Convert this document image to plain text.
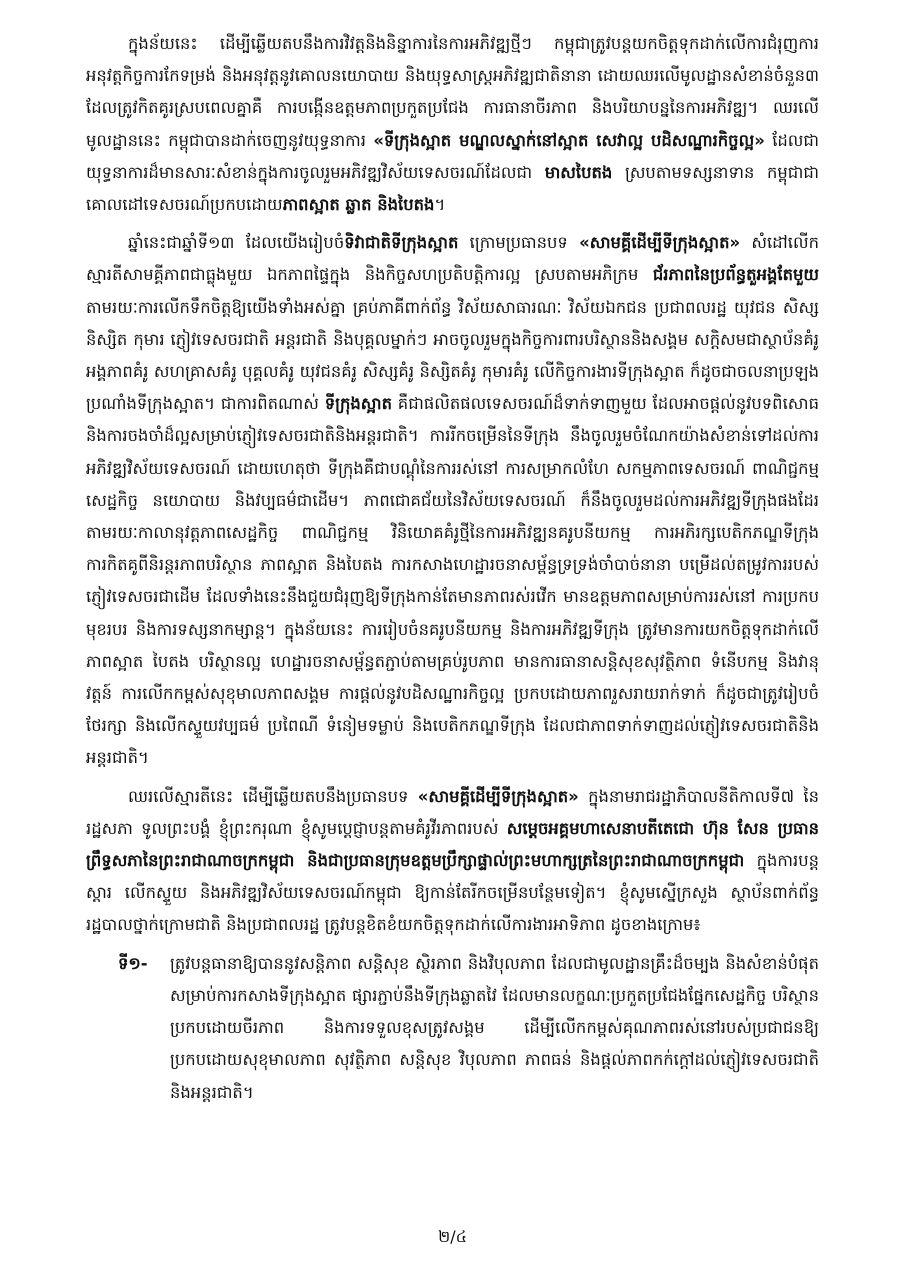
ក្នុងន័យនេះ ដើម្បីឆ្លើយតបនឹងការវិវត្តនិងនិន្នាការនៃការអភិវឌ្ឍថ្មីៗ កម្ពុជាត្រូវបន្តយកចិត្តទុកដាក់លើការជំរុញការអនុវត្តកិច្ចការកែទម្រង់ និងអនុវត្តនូវគោលនយោបាយ និងយុទ្ធសាស្ត្រអភិវឌ្ឍជាតិនានា ដោយឈរលើមូលដ្ឋានសំខាន់ចំនួន៣ ដែលត្រូវកិតគូរស្របពេលគ្នាគឺ ការបង្កើនឧត្តមភាពប្រកួតប្រជែង ការធានាចីរភាព និងបរិយាបន្ននៃការអភិវឌ្ឍ។ ឈរលើមូលដ្ឋាននេះ កម្ពុជាបានដាក់ចេញនូវយុទ្ធនាការ «ទីក្រុងស្អាត មណ្ឌលស្នាក់នៅស្អាត សេវាល្អ បដិសណ្ឋារកិច្ចល្អ» ដែលជាយុទ្ធនាការដ៏មានសារៈសំខាន់ក្នុងការចូលរួមអភិវឌ្ឍវិស័យទេសចរណ៍ដែលជា មាសបៃតង ស្របតាមទស្សនាទាន កម្ពុជាជាគោលដៅទេសចរណ៍ប្រកបដោយភាពស្អាត ឆ្លាត និងបៃតង។

ឆ្នាំនេះជាឆ្នាំទី១៣ ដែលយើងរៀបចំទិវាជាតិទីក្រុងស្អាត ក្រោមប្រធានបទ «សាមគ្គីដើម្បីទីក្រុងស្អាត» សំដៅលើកស្មារតីសាមគ្គីភាពជាធ្លុងមួយ ឯកភាពផ្ទៃក្នុង និងកិច្ចសហប្រតិបត្តិការល្អ ស្របតាមអភិក្រម ជ័រភាពនៃប្រព័ន្ធតួអង្គតែមួយ តាមរយៈការលើកទឹកចិត្តឱ្យយើងទាំងអស់គ្នា គ្រប់ភាគីពាក់ព័ន្ធ វិស័យសាធារណៈ វិស័យឯកជន ប្រជាពលរដ្ឋ យុវជន សិស្ស និស្សិត កុមារ ភ្ញៀវទេសចរជាតិ អន្តរជាតិ និងបុគ្គលម្នាក់ៗ អាចចូលរួមក្នុងកិច្ចការពារបរិស្ថាននិងសង្គម សក្តិសមជាស្ថាប័នគំរូ អង្គភាពគំរូ សហគ្រាសគំរូ បុគ្គលគំរូ យុវជនគំរូ សិស្សគំរូ និស្សិតគំរូ កុមារគំរូ លើកិច្ចការងារទីក្រុងស្អាត ក៏ដូចជាចលនាប្រឡងប្រណាំងទីក្រុងស្អាត។ ជាការពិតណាស់ ទីក្រុងស្អាត គឺជាផលិតផលទេសចរណ៍ដ៏ទាក់ទាញមួយ ដែលអាចផ្តល់នូវបទពិសោធ និងការចងចាំដ៏ល្អសម្រាប់ភ្ញៀវទេសចរជាតិនិងអន្តរជាតិ។ ការរីកចម្រើននៃទីក្រុង នឹងចូលរួមចំណែកយ៉ាងសំខាន់ទៅដល់ការអភិវឌ្ឍវិស័យទេសចរណ៍ ដោយហេតុថា ទីក្រុងគឺជាបណ្តុំនៃការរស់នៅ ការសម្រាកលំហែ សកម្មភាពទេសចរណ៍ ពាណិជ្ជកម្ម សេដ្ឋកិច្ច នយោបាយ និងវប្បធម៌ជាដើម។ ភាពជោគជ័យនៃវិស័យទេសចរណ៍ ក៏នឹងចូលរួមដល់ការអភិវឌ្ឍទីក្រុងផងដែរ តាមរយៈកាលានុវត្តភាពសេដ្ឋកិច្ច ពាណិជ្ជកម្ម វិនិយោគគំរូថ្មីនៃការអភិវឌ្ឍនគរូបនីយកម្ម ការអភិរក្សបេតិកភណ្ឌទីក្រុង ការកិតគូពីនិរន្តរភាពបរិស្ថាន ភាពស្អាត និងបៃតង ការកសាងហេដ្ឋារចនាសម្ព័ន្ធទ្រទ្រង់ចាំបាច់នានា បម្រើដល់តម្រូវការរបស់ភ្ញៀវទេសចរជាដើម ដែលទាំងនេះនឹងជួយជំរុញឱ្យទីក្រុងកាន់តែមានភាពរស់រវើក មានឧត្តមភាពសម្រាប់ការរស់នៅ ការប្រកបមុខរបរ និងការទស្សនាកម្សាន្ត។ ក្នុងន័យនេះ ការរៀបចំនគរូបនីយកម្ម និងការអភិវឌ្ឍទីក្រុង ត្រូវមានការយកចិត្តទុកដាក់លើភាពស្អាត បៃតង បរិស្ថានល្អ ហេដ្ឋារចនាសម្ព័ន្ធតភ្ជាប់តាមគ្រប់រូបភាព មានការធានាសន្តិសុខសុវត្ថិភាព ទំនើបកម្ម និងវានុវត្តន៍ ការលើកកម្ពស់សុខុមាលភាពសង្គម ការផ្តល់នូវបដិសណ្ឋារកិច្ចល្អ ប្រកបដោយភាពរួសរាយរាក់ទាក់ ក៏ដូចជាត្រូវរៀបចំ ថែរក្សា និងលើកស្ទួយវប្បធម៌ ប្រពៃណី ទំនៀមទម្លាប់ និងបេតិកភណ្ឌទីក្រុង ដែលជាភាពទាក់ទាញដល់ភ្ញៀវទេសចរជាតិនិងអន្តរជាតិ។

ឈរលើស្មារតីនេះ ដើម្បីឆ្លើយតបនឹងប្រធានបទ «សាមគ្គីដើម្បីទីក្រុងស្អាត» ក្នុងនាមរាជរដ្ឋាភិបាលនីតិកាលទី៧ នៃរដ្ឋសភា ទូលព្រះបង្គំ ខ្ញុំព្រះករុណា ខ្ញុំសូមប្តេជ្ញាបន្តតាមគំរូវីរភាពរបស់ សម្តេចអគ្គមហាសេនាបតីតេជោ ហ៊ុន សែន ប្រធានព្រឹទ្ធសភានៃព្រះរាជាណាចក្រកម្ពុជា និងជាប្រធានក្រុមឧត្តមប្រឹក្សាផ្ទាល់ព្រះមហាក្សត្រនៃព្រះរាជាណាចក្រកម្ពុជា ក្នុងការបន្តស្តារ លើកស្ទួយ និងអភិវឌ្ឍវិស័យទេសចរណ៍កម្ពុជា ឱ្យកាន់តែរីកចម្រើនបន្ថែមទៀត។ ខ្ញុំសូមស្នើក្រសួង ស្ថាប័នពាក់ព័ន្ធ រដ្ឋបាលថ្នាក់ក្រោមជាតិ និងប្រជាពលរដ្ឋ ត្រូវបន្តខិតខំយកចិត្តទុកដាក់លើការងារអាទិភាព ដូចខាងក្រោម៖

ទី១- ត្រូវបន្តធានាឱ្យបាននូវសន្តិភាព សន្តិសុខ ស្ថិរភាព និងវិបុលភាព ដែលជាមូលដ្ឋានគ្រឹះដ៏ចម្បង និងសំខាន់បំផុត សម្រាប់ការកសាងទីក្រុងស្អាត ផ្សារភ្ជាប់នឹងទីក្រុងឆ្លាតវៃ ដែលមានលក្ខណៈប្រកួតប្រជែងផ្នែកសេដ្ឋកិច្ច បរិស្ថានប្រកបដោយចីរភាព និងការទទួលខុសត្រូវសង្គម ដើម្បីលើកកម្ពស់គុណភាពរស់នៅរបស់ប្រជាជនឱ្យប្រកបដោយសុខុមាលភាព សុវត្ថិភាព សន្តិសុខ វិបុលភាព ភាពធន់ និងផ្តល់ភាពកក់ក្តៅដល់ភ្ញៀវទេសចរជាតិនិងអន្តរជាតិ។
២/៤
